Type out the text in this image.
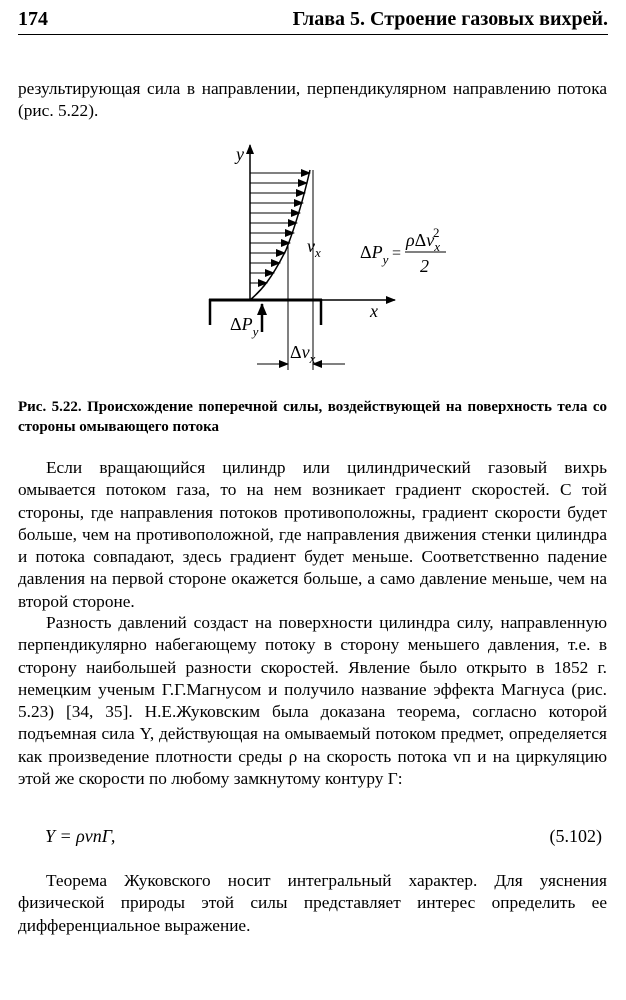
174	Глава 5. Строение газовых вихрей.

результирующая сила в направлении, перпендикулярном направлению потока (рис. 5.22).

x
y
$v_x$
$\Delta v_x$
$\Delta P_y$
$\Delta P_y$ =
ρΔv$_x$2
2

Рис. 5.22. Происхождение поперечной силы, воздействующей на поверхность тела со стороны омывающего потока

Если вращающийся цилиндр или цилиндрический газовый вихрь омывается потоком газа, то на нем возникает градиент скоростей. С той стороны, где направления потоков противоположны, градиент скорости будет больше, чем на противоположной, где направления движения стенки цилиндра и потока совпадают, здесь градиент будет меньше. Соответственно падение давления на первой стороне окажется больше, а само давление меньше, чем на второй стороне.

Разность давлений создаст на поверхности цилиндра силу, направленную перпендикулярно набегающему потоку в сторону меньшего давления, т.е. в сторону наибольшей разности скоростей. Явление было открыто в 1852 г. немецким ученым Г.Г.Магнусом и получило название эффекта Магнуса (рис. 5.23) [34, 35]. Н.Е.Жуковским была доказана теорема, согласно которой подъемная сила Y, действующая на омываемый потоком предмет, определяется как произведение плотности среды ρ на скорость потока vп и на циркуляцию этой же скорости по любому замкнутому контуру Г:

Y = ρvпГ,	(5.102)

Теорема Жуковского носит интегральный характер. Для уяснения физической природы этой силы представляет интерес определить ее дифференциальное выражение.
